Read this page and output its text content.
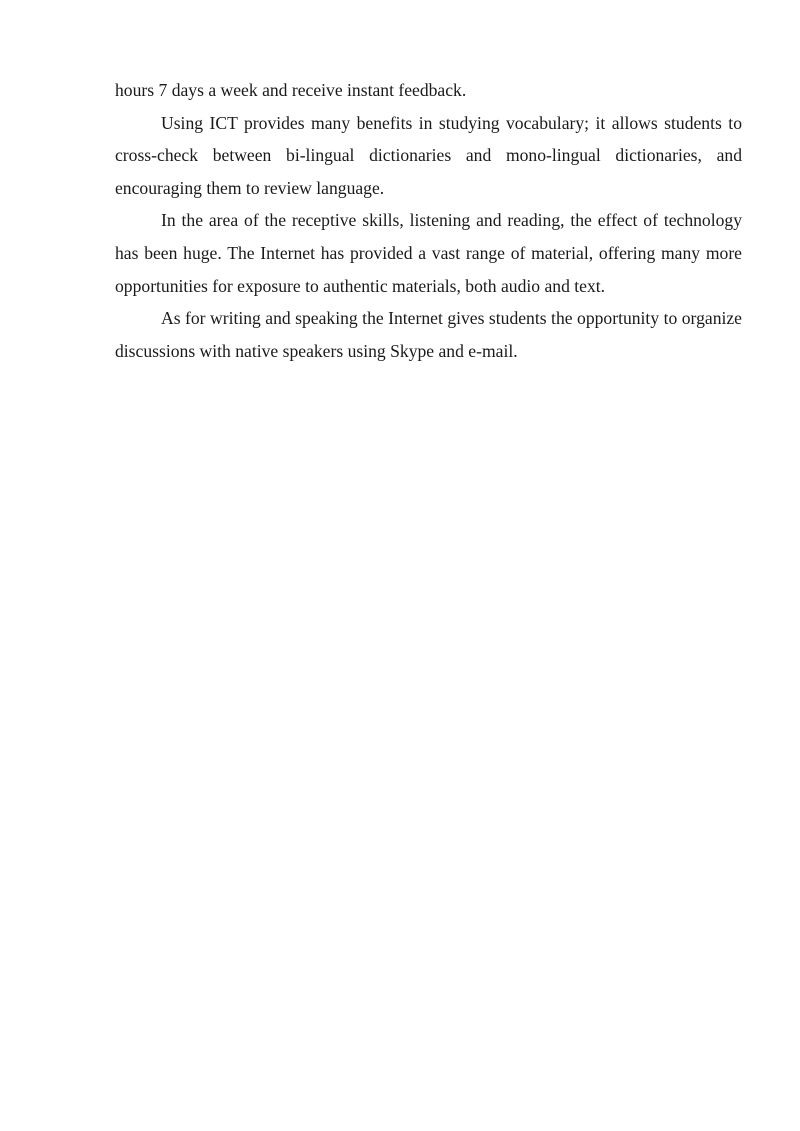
hours 7 days a week and receive instant feedback.

Using ICT provides many benefits in studying vocabulary; it allows students to cross-check between bi-lingual dictionaries and mono-lingual dictionaries, and encouraging them to review language.

In the area of the receptive skills, listening and reading, the effect of technology has been huge. The Internet has provided a vast range of material, offering many more opportunities for exposure to authentic materials, both audio and text.

As for writing and speaking the Internet gives students the opportunity to organize discussions with native speakers using Skype and e-mail.
